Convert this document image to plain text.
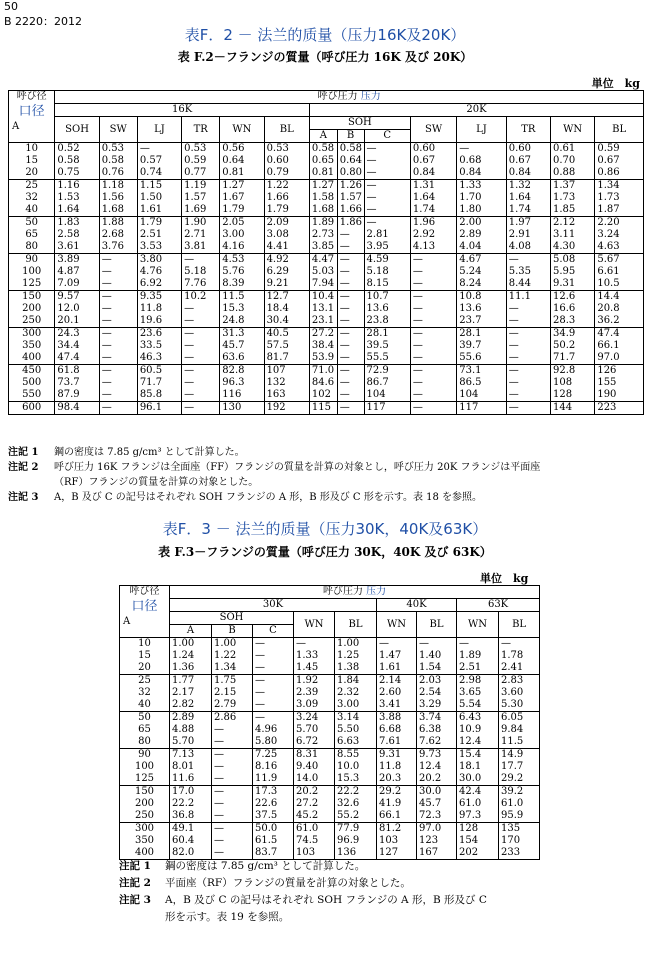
50
B 2220：2012
表F．2 － 法兰的质量（压力16K及20K）
表 F.2－フランジの質量（呼び圧力 16K 及び 20K）
単位　kg
呼び径
口径
A	呼び圧力 压力													
	16K						20K							
	SOH	SW	LJ	TR	WN	BL	SOH			SW	LJ	TR	WN	BL
							A	B	C					
10	0.52	0.53	—	0.53	0.56	0.53	0.58	0.58	—	0.60	—	0.60	0.61	0.59
15	0.58	0.58	0.57	0.59	0.64	0.60	0.65	0.64	—	0.67	0.68	0.67	0.70	0.67
20	0.75	0.76	0.74	0.77	0.81	0.79	0.81	0.80	—	0.84	0.84	0.84	0.88	0.86
25	1.16	1.18	1.15	1.19	1.27	1.22	1.27	1.26	—	1.31	1.33	1.32	1.37	1.34
32	1.53	1.56	1.50	1.57	1.67	1.66	1.58	1.57	—	1.64	1.70	1.64	1.73	1.73
40	1.64	1.68	1.61	1.69	1.79	1.79	1.68	1.66	—	1.74	1.80	1.74	1.85	1.87
50	1.83	1.88	1.79	1.90	2.05	2.09	1.89	1.86	—	1.96	2.00	1.97	2.12	2.20
65	2.58	2.68	2.51	2.71	3.00	3.08	2.73	—	2.81	2.92	2.89	2.91	3.11	3.24
80	3.61	3.76	3.53	3.81	4.16	4.41	3.85	—	3.95	4.13	4.04	4.08	4.30	4.63
90	3.89	—	3.80	—	4.53	4.92	4.47	—	4.59	—	4.67	—	5.08	5.67
100	4.87	—	4.76	5.18	5.76	6.29	5.03	—	5.18	—	5.24	5.35	5.95	6.61
125	7.09	—	6.92	7.76	8.39	9.21	7.94	—	8.15	—	8.24	8.44	9.31	10.5
150	9.57	—	9.35	10.2	11.5	12.7	10.4	—	10.7	—	10.8	11.1	12.6	14.4
200	12.0	—	11.8	—	15.3	18.4	13.1	—	13.6	—	13.6	—	16.6	20.8
250	20.1	—	19.6	—	24.8	30.4	23.1	—	23.8	—	23.7	—	28.3	36.2
300	24.3	—	23.6	—	31.3	40.5	27.2	—	28.1	—	28.1	—	34.9	47.4
350	34.4	—	33.5	—	45.7	57.5	38.4	—	39.5	—	39.7	—	50.2	66.1
400	47.4	—	46.3	—	63.6	81.7	53.9	—	55.5	—	55.6	—	71.7	97.0
450	61.8	—	60.5	—	82.8	107	71.0	—	72.9	—	73.1	—	92.8	126
500	73.7	—	71.7	—	96.3	132	84.6	—	86.7	—	86.5	—	108	155
550	87.9	—	85.8	—	116	163	102	—	104	—	104	—	128	190
600	98.4	—	96.1	—	130	192	115	—	117	—	117	—	144	223
注記 1 鋼の密度は 7.85 g/cm³ として計算した。
注記 2 呼び圧力 16K フランジは全面座（FF）フランジの質量を計算の対象とし，呼び圧力 20K フランジは平面座
（RF）フランジの質量を計算の対象とした。
注記 3 A，B 及び C の記号はそれぞれ SOH フランジの A 形，B 形及び C 形を示す。表 18 を参照。
表F．3 － 法兰的质量（压力30K，40K及63K）
表 F.3－フランジの質量（呼び圧力 30K，40K 及び 63K）
単位　kg
呼び径
口径
A	呼び圧力 压力								
	30K					40K		63K	
	SOH			WN	BL	WN	BL	WN	BL
	A	B	C						
10	1.00	1.00	—	—	1.00	—	—	—	—
15	1.24	1.22	—	1.33	1.25	1.47	1.40	1.89	1.78
20	1.36	1.34	—	1.45	1.38	1.61	1.54	2.51	2.41
25	1.77	1.75	—	1.92	1.84	2.14	2.03	2.98	2.83
32	2.17	2.15	—	2.39	2.32	2.60	2.54	3.65	3.60
40	2.82	2.79	—	3.09	3.00	3.41	3.29	5.54	5.30
50	2.89	2.86	—	3.24	3.14	3.88	3.74	6.43	6.05
65	4.88	—	4.96	5.70	5.50	6.68	6.38	10.9	9.84
80	5.70	—	5.80	6.72	6.63	7.61	7.62	12.4	11.5
90	7.13	—	7.25	8.31	8.55	9.31	9.73	15.4	14.9
100	8.01	—	8.16	9.40	10.0	11.8	12.4	18.1	17.7
125	11.6	—	11.9	14.0	15.3	20.3	20.2	30.0	29.2
150	17.0	—	17.3	20.2	22.2	29.2	30.0	42.4	39.2
200	22.2	—	22.6	27.2	32.6	41.9	45.7	61.0	61.0
250	36.8	—	37.5	45.2	55.2	66.1	72.3	97.3	95.9
300	49.1	—	50.0	61.0	77.9	81.2	97.0	128	135
350	60.4	—	61.5	74.5	96.9	103	123	154	170
400	82.0	—	83.7	103	136	127	167	202	233
注記 1 鋼の密度は 7.85 g/cm³ として計算した。
注記 2 平面座（RF）フランジの質量を計算の対象とした。
注記 3 A，B 及び C の記号はそれぞれ SOH フランジの A 形，B 形及び C
形を示す。表 19 を参照。
